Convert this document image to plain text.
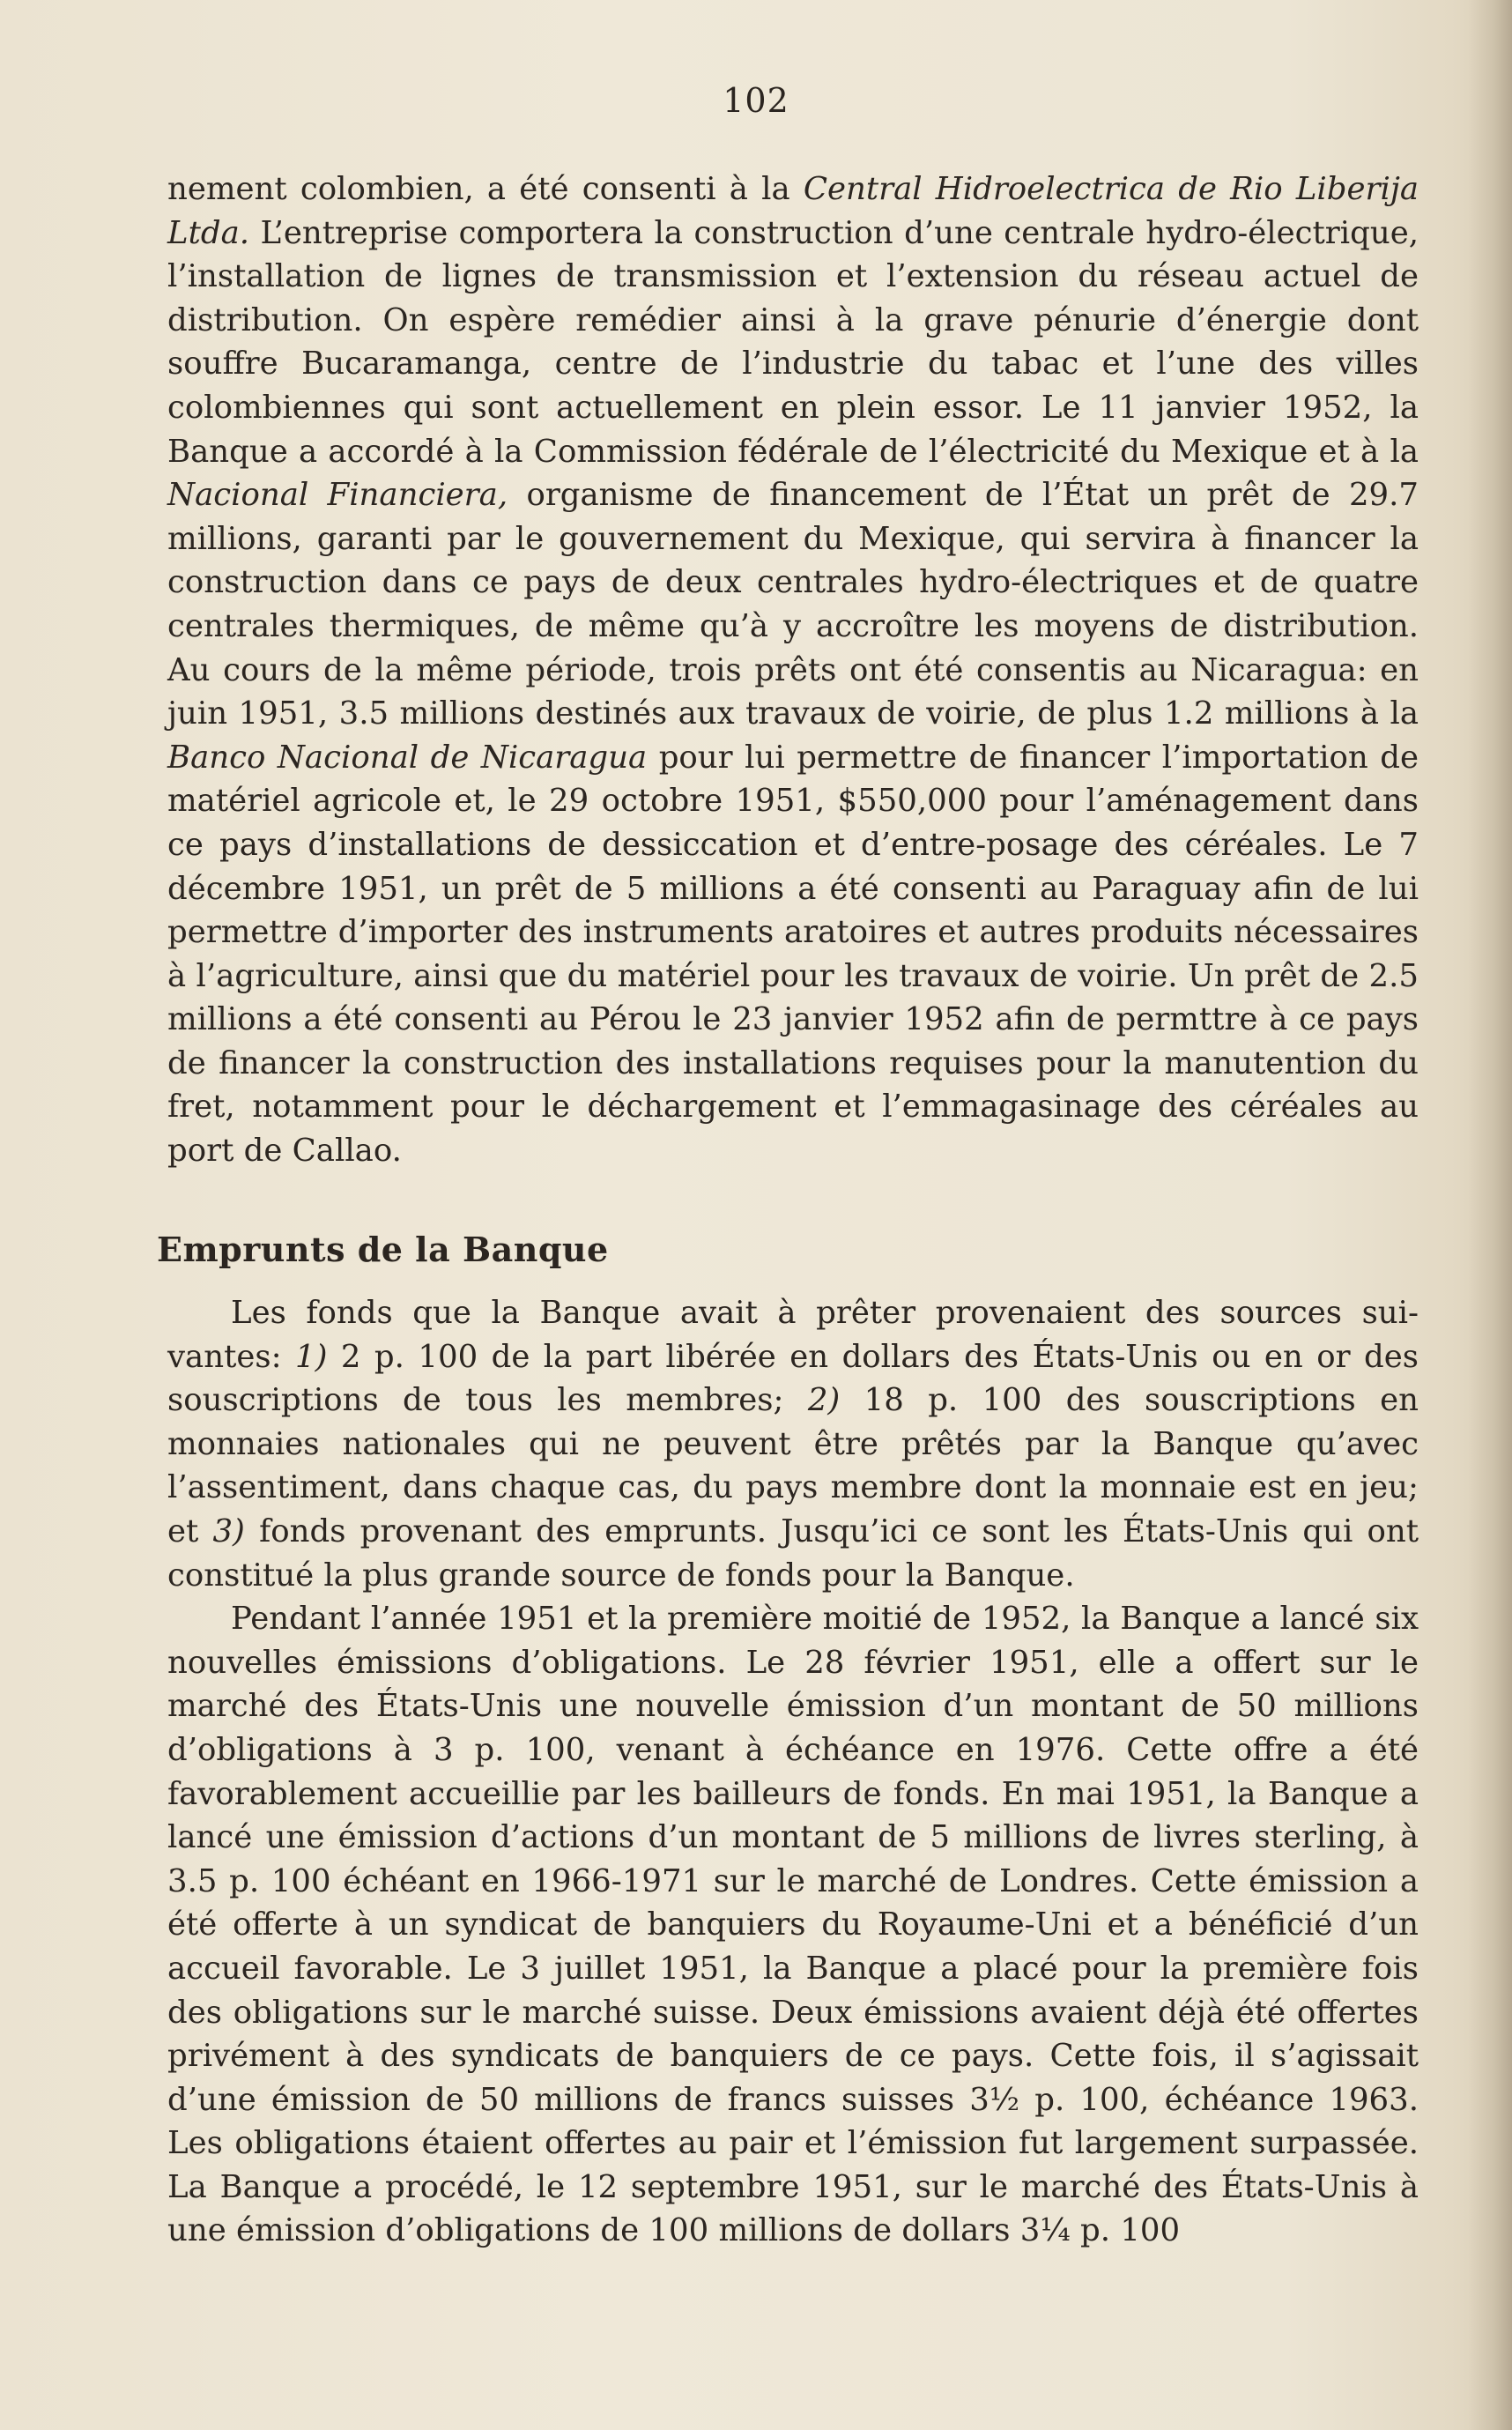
102

nement colombien, a été consenti à la Central Hidroelectrica de Rio Liberija Ltda. L’entreprise comportera la construction d’une centrale hydro-électrique, l’installation de lignes de transmission et l’extension du réseau actuel de distribution. On espère remédier ainsi à la grave pénurie d’énergie dont souffre Bucaramanga, centre de l’industrie du tabac et l’une des villes colombiennes qui sont actuellement en plein essor. Le 11 janvier 1952, la Banque a accordé à la Commission fédérale de l’électricité du Mexique et à la Nacional Financiera, organisme de financement de l’État un prêt de 29.7 millions, garanti par le gouvernement du Mexique, qui servira à financer la construction dans ce pays de deux centrales hydro-électriques et de quatre centrales thermiques, de même qu’à y accroître les moyens de distribution. Au cours de la même période, trois prêts ont été consentis au Nicaragua: en juin 1951, 3.5 millions destinés aux travaux de voirie, de plus 1.2 millions à la Banco Nacional de Nicaragua pour lui permettre de financer l’importation de matériel agricole et, le 29 octobre 1951, $550,000 pour l’aménagement dans ce pays d’installations de dessiccation et d’entre-posage des céréales. Le 7 décembre 1951, un prêt de 5 millions a été consenti au Paraguay afin de lui permettre d’importer des instruments aratoires et autres produits nécessaires à l’agriculture, ainsi que du matériel pour les travaux de voirie. Un prêt de 2.5 millions a été consenti au Pérou le 23 janvier 1952 afin de permttre à ce pays de financer la construction des installations requises pour la manutention du fret, notamment pour le déchargement et l’emmagasinage des céréales au port de Callao.

Emprunts de la Banque

Les fonds que la Banque avait à prêter provenaient des sources sui-vantes: 1) 2 p. 100 de la part libérée en dollars des États-Unis ou en or des souscriptions de tous les membres; 2) 18 p. 100 des souscriptions en monnaies nationales qui ne peuvent être prêtés par la Banque qu’avec l’assentiment, dans chaque cas, du pays membre dont la monnaie est en jeu; et 3) fonds provenant des emprunts. Jusqu’ici ce sont les États-Unis qui ont constitué la plus grande source de fonds pour la Banque.

Pendant l’année 1951 et la première moitié de 1952, la Banque a lancé six nouvelles émissions d’obligations. Le 28 février 1951, elle a offert sur le marché des États-Unis une nouvelle émission d’un montant de 50 millions d’obligations à 3 p. 100, venant à échéance en 1976. Cette offre a été favorablement accueillie par les bailleurs de fonds. En mai 1951, la Banque a lancé une émission d’actions d’un montant de 5 millions de livres sterling, à 3.5 p. 100 échéant en 1966-1971 sur le marché de Londres. Cette émission a été offerte à un syndicat de banquiers du Royaume-Uni et a bénéficié d’un accueil favorable. Le 3 juillet 1951, la Banque a placé pour la première fois des obligations sur le marché suisse. Deux émissions avaient déjà été offertes privément à des syndicats de banquiers de ce pays. Cette fois, il s’agissait d’une émission de 50 millions de francs suisses 3½ p. 100, échéance 1963. Les obligations étaient offertes au pair et l’émission fut largement surpassée. La Banque a procédé, le 12 septembre 1951, sur le marché des États-Unis à une émission d’obligations de 100 millions de dollars 3¼ p. 100
